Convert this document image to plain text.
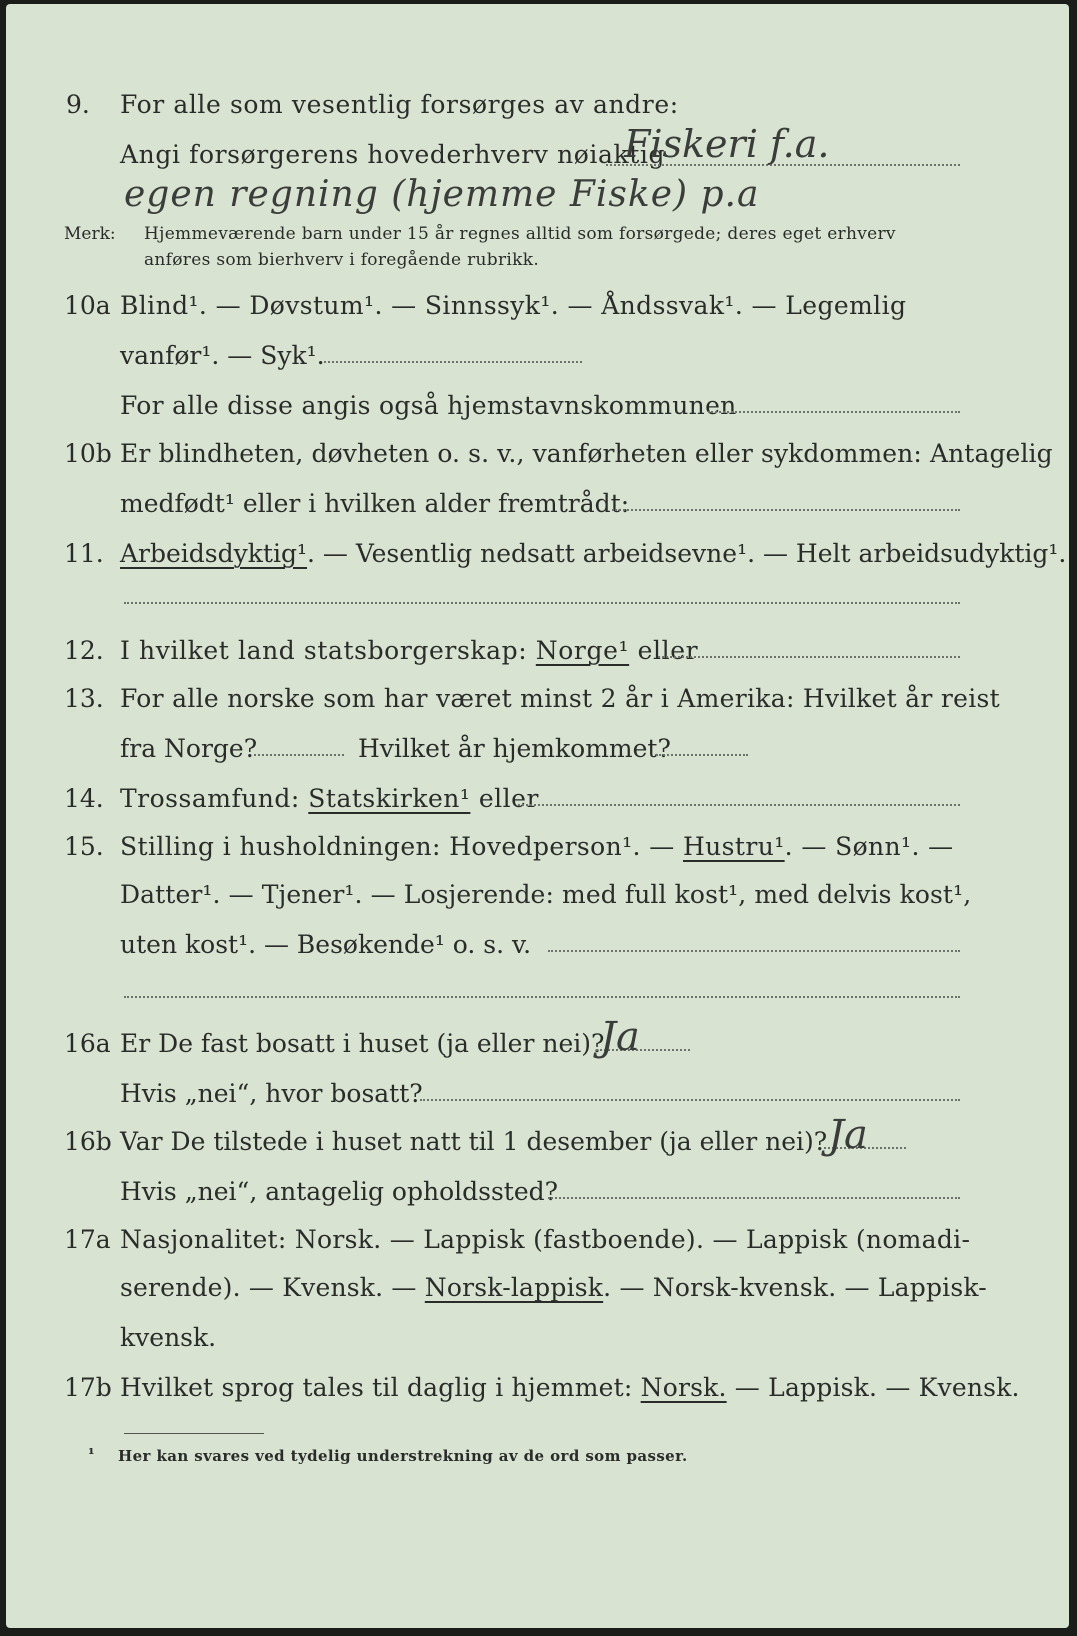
9. For alle som vesentlig forsørges av andre:
Angi forsørgerens hovederhverv nøiaktig
Fiskeri f.a.
egen regning (hjemme Fiske) p.a
Merk: Hjemmeværende barn under 15 år regnes alltid som forsørgede; deres eget erhverv
anføres som bierhverv i foregående rubrikk.
10a Blind¹. — Døvstum¹. — Sinnssyk¹. — Åndssvak¹. — Legemlig
vanfør¹. — Syk¹.
For alle disse angis også hjemstavnskommunen
10b Er blindheten, døvheten o. s. v., vanførheten eller sykdommen: Antagelig
medfødt¹ eller i hvilken alder fremtrådt:
11. Arbeidsdyktig¹. — Vesentlig nedsatt arbeidsevne¹. — Helt arbeidsudyktig¹.
12. I hvilket land statsborgerskap: Norge¹ eller
13. For alle norske som har været minst 2 år i Amerika: Hvilket år reist
fra Norge?	Hvilket år hjemkommet?
14. Trossamfund: Statskirken¹ eller
15. Stilling i husholdningen: Hovedperson¹. — Hustru¹. — Sønn¹. —
Datter¹. — Tjener¹. — Losjerende: med full kost¹, med delvis kost¹,
uten kost¹. — Besøkende¹ o. s. v.
16a Er De fast bosatt i huset (ja eller nei)?
Ja
Hvis „nei“, hvor bosatt?
16b Var De tilstede i huset natt til 1 desember (ja eller nei)? Ja
Hvis „nei“, antagelig opholdssted?
17a Nasjonalitet: Norsk. — Lappisk (fastboende). — Lappisk (nomadi-
serende). — Kvensk. — Norsk-lappisk. — Norsk-kvensk. — Lappisk-
kvensk.
17b Hvilket sprog tales til daglig i hjemmet: Norsk. — Lappisk. — Kvensk.
¹ Her kan svares ved tydelig understrekning av de ord som passer.
